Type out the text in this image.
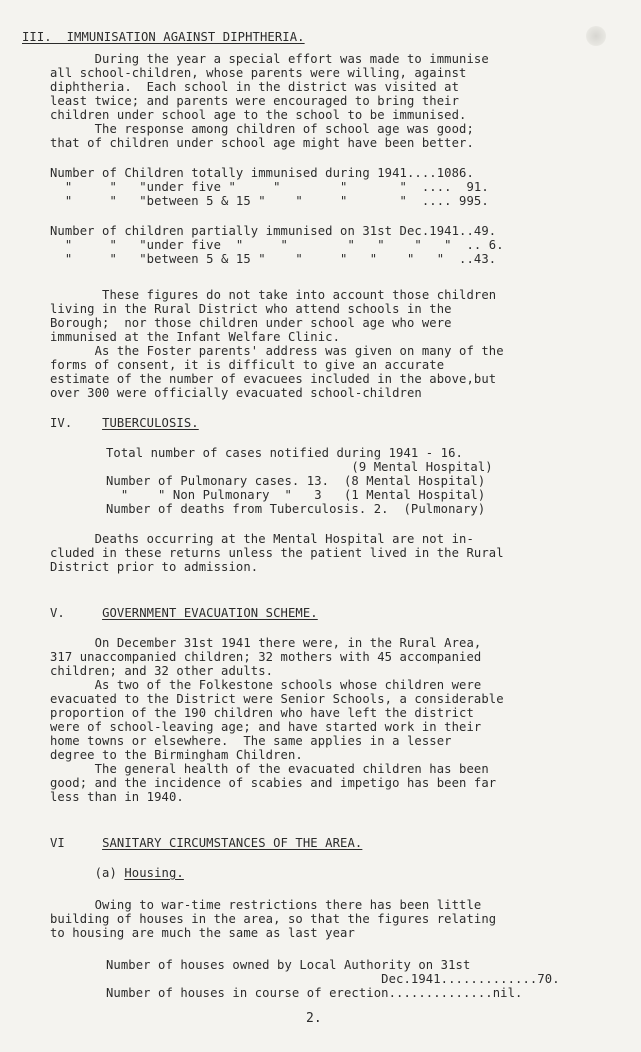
III.  IMMUNISATION AGAINST DIPHTHERIA.
During the year a special effort was made to immunise
all school-children, whose parents were willing, against
diphtheria.  Each school in the district was visited at
least twice; and parents were encouraged to bring their
children under school age to the school to be immunised.
The response among children of school age was good;
that of children under school age might have been better.
Number of Children totally immunised during 1941....1086.
"     "   "under five "     "        "       "  ....  91.
"     "   "between 5 & 15 "    "     "       "  .... 995.
Number of children partially immunised on 31st Dec.1941..49.
"     "   "under five  "     "        "   "    "   "  .. 6.
"     "   "between 5 & 15 "    "     "   "    "   "  ..43.
These figures do not take into account those children
living in the Rural District who attend schools in the
Borough;  nor those children under school age who were
immunised at the Infant Welfare Clinic.
As the Foster parents' address was given on many of the
forms of consent, it is difficult to give an accurate
estimate of the number of evacuees included in the above,but
over 300 were officially evacuated school-children
IV.    TUBERCULOSIS.
Total number of cases notified during 1941 - 16.
(9 Mental Hospital)
Number of Pulmonary cases. 13.  (8 Mental Hospital)
"    " Non Pulmonary  "   3   (1 Mental Hospital)
Number of deaths from Tuberculosis. 2.  (Pulmonary)
Deaths occurring at the Mental Hospital are not in-
cluded in these returns unless the patient lived in the Rural
District prior to admission.
V.     GOVERNMENT EVACUATION SCHEME.
On December 31st 1941 there were, in the Rural Area,
317 unaccompanied children; 32 mothers with 45 accompanied
children; and 32 other adults.
As two of the Folkestone schools whose children were
evacuated to the District were Senior Schools, a considerable
proportion of the 190 children who have left the district
were of school-leaving age; and have started work in their
home towns or elsewhere.  The same applies in a lesser
degree to the Birmingham Children.
The general health of the evacuated children has been
good; and the incidence of scabies and impetigo has been far
less than in 1940.
VI     SANITARY CIRCUMSTANCES OF THE AREA.
(a) Housing.
Owing to war-time restrictions there has been little
building of houses in the area, so that the figures relating
to housing are much the same as last year
Number of houses owned by Local Authority on 31st
Dec.1941.............70.
Number of houses in course of erection..............nil.
2.
